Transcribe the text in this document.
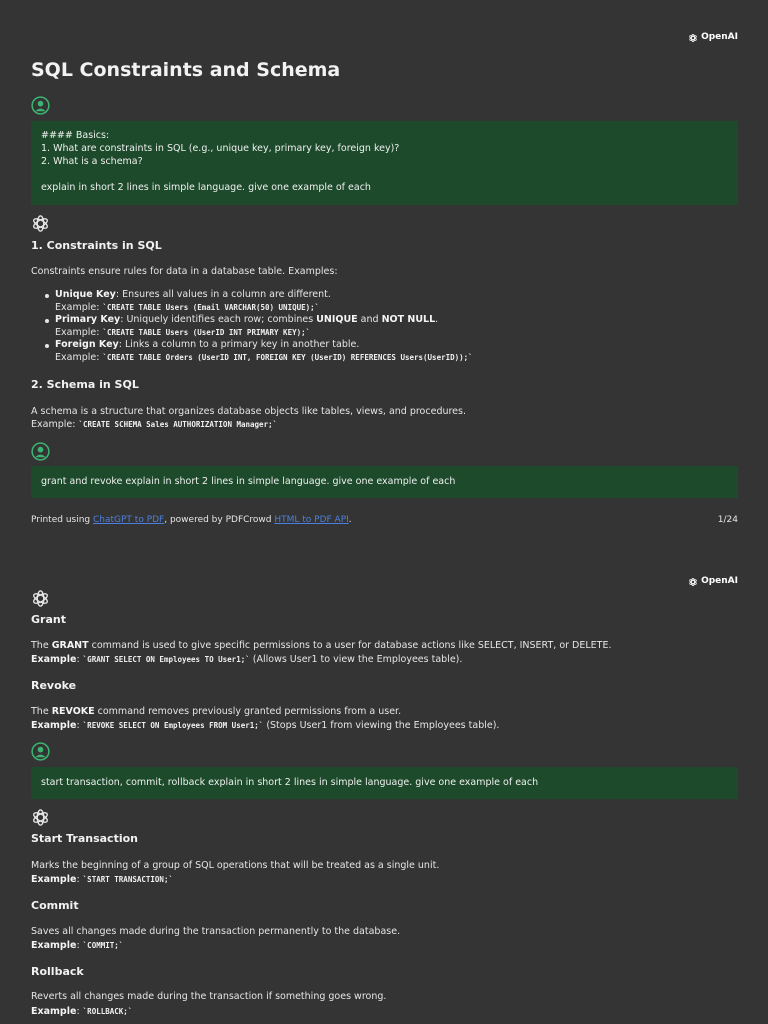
OpenAI
SQL Constraints and Schema
#### Basics:
1. What are constraints in SQL (e.g., unique key, primary key, foreign key)?
2. What is a schema?
explain in short 2 lines in simple language. give one example of each
1. Constraints in SQL
Constraints ensure rules for data in a database table. Examples:
Unique Key: Ensures all values in a column are different.
Example: `CREATE TABLE Users (Email VARCHAR(50) UNIQUE);`
Primary Key: Uniquely identifies each row; combines UNIQUE and NOT NULL.
Example: `CREATE TABLE Users (UserID INT PRIMARY KEY);`
Foreign Key: Links a column to a primary key in another table.
Example: `CREATE TABLE Orders (UserID INT, FOREIGN KEY (UserID) REFERENCES Users(UserID));`
2. Schema in SQL
A schema is a structure that organizes database objects like tables, views, and procedures.
Example: `CREATE SCHEMA Sales AUTHORIZATION Manager;`
grant and revoke explain in short 2 lines in simple language. give one example of each
Printed using ChatGPT to PDF, powered by PDFCrowd HTML to PDF API.	1/24
OpenAI
Grant
The GRANT command is used to give specific permissions to a user for database actions like SELECT, INSERT, or DELETE.
Example: `GRANT SELECT ON Employees TO User1;` (Allows User1 to view the Employees table).
Revoke
The REVOKE command removes previously granted permissions from a user.
Example: `REVOKE SELECT ON Employees FROM User1;` (Stops User1 from viewing the Employees table).
start transaction, commit, rollback explain in short 2 lines in simple language. give one example of each
Start Transaction
Marks the beginning of a group of SQL operations that will be treated as a single unit.
Example: `START TRANSACTION;`
Commit
Saves all changes made during the transaction permanently to the database.
Example: `COMMIT;`
Rollback
Reverts all changes made during the transaction if something goes wrong.
Example: `ROLLBACK;`
